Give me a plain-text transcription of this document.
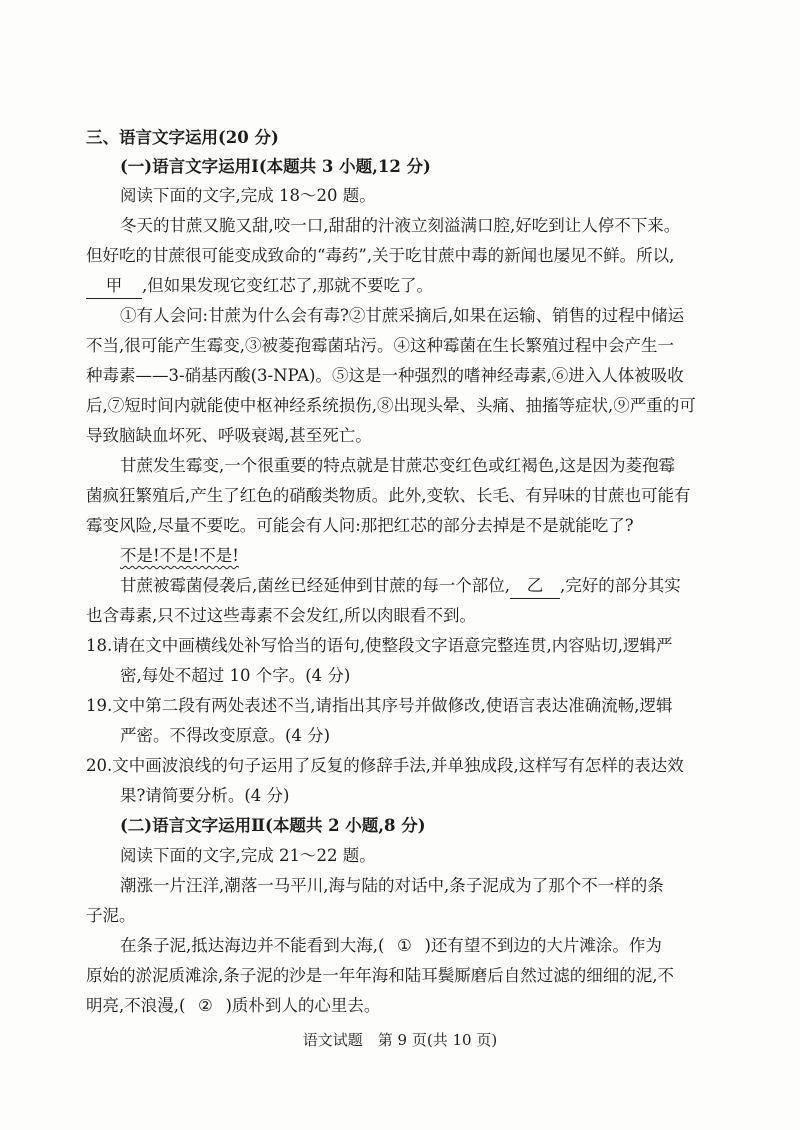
三、语言文字运用(20 分)
(一)语言文字运用Ⅰ(本题共 3 小题,12 分)
阅读下面的文字,完成 18～20 题。
冬天的甘蔗又脆又甜,咬一口,甜甜的汁液立刻溢满口腔,好吃到让人停不下来。
但好吃的甘蔗很可能变成致命的“毒药”,关于吃甘蔗中毒的新闻也屡见不鲜。所以,
甲 ,但如果发现它变红芯了,那就不要吃了。
①有人会问:甘蔗为什么会有毒?②甘蔗采摘后,如果在运输、销售的过程中储运
不当,很可能产生霉变,③被菱孢霉菌玷污。④这种霉菌在生长繁殖过程中会产生一
种毒素——3-硝基丙酸(3-NPA)。⑤这是一种强烈的嗜神经毒素,⑥进入人体被吸收
后,⑦短时间内就能使中枢神经系统损伤,⑧出现头晕、头痛、抽搐等症状,⑨严重的可
导致脑缺血坏死、呼吸衰竭,甚至死亡。
甘蔗发生霉变,一个很重要的特点就是甘蔗芯变红色或红褐色,这是因为菱孢霉
菌疯狂繁殖后,产生了红色的硝酸类物质。此外,变软、长毛、有异味的甘蔗也可能有
霉变风险,尽量不要吃。可能会有人问:那把红芯的部分去掉是不是就能吃了?
不是!不是!不是!
甘蔗被霉菌侵袭后,菌丝已经延伸到甘蔗的每一个部位, 乙 ,完好的部分其实
也含毒素,只不过这些毒素不会发红,所以肉眼看不到。
18.请在文中画横线处补写恰当的语句,使整段文字语意完整连贯,内容贴切,逻辑严
密,每处不超过 10 个字。(4 分)
19.文中第二段有两处表述不当,请指出其序号并做修改,使语言表达准确流畅,逻辑
严密。不得改变原意。(4 分)
20.文中画波浪线的句子运用了反复的修辞手法,并单独成段,这样写有怎样的表达效
果?请简要分析。(4 分)
(二)语言文字运用Ⅱ(本题共 2 小题,8 分)
阅读下面的文字,完成 21～22 题。
潮涨一片汪洋,潮落一马平川,海与陆的对话中,条子泥成为了那个不一样的条
子泥。
在条子泥,抵达海边并不能看到大海,( ① )还有望不到边的大片滩涂。作为
原始的淤泥质滩涂,条子泥的沙是一年年海和陆耳鬓厮磨后自然过滤的细细的泥,不
明亮,不浪漫,( ② )质朴到人的心里去。
语文试题　第 9 页(共 10 页)
